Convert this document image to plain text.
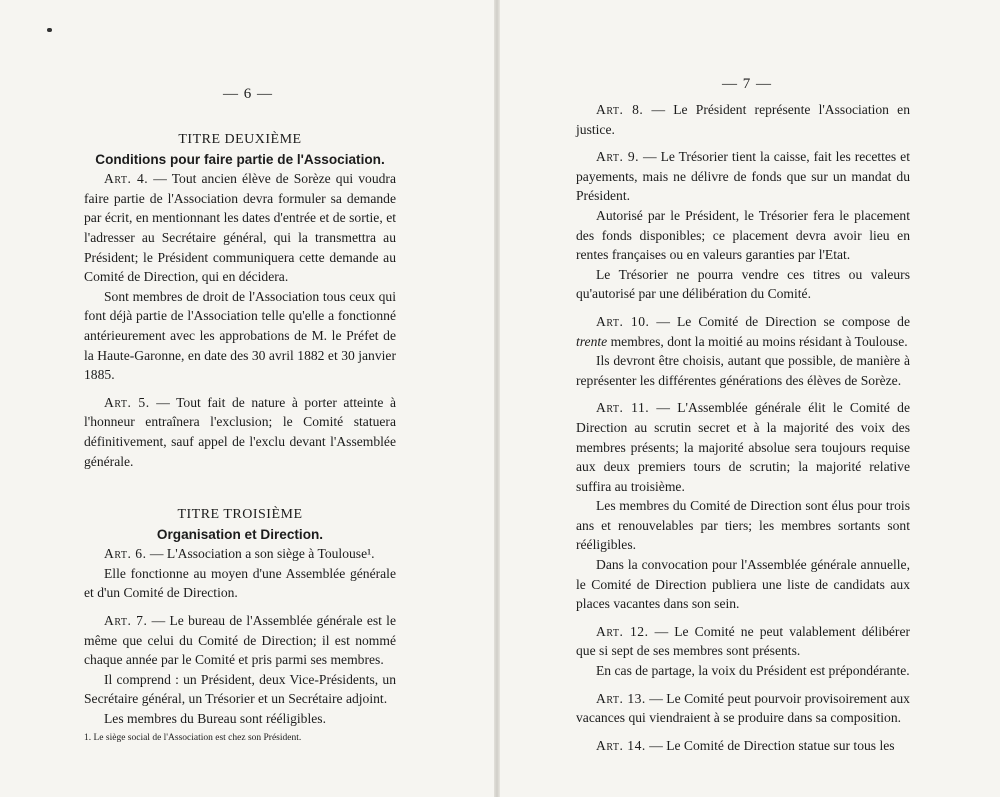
— 6 —

TITRE DEUXIÈME

Conditions pour faire partie de l'Association.

Art. 4. — Tout ancien élève de Sorèze qui voudra faire partie de l'Association devra formuler sa demande par écrit, en mentionnant les dates d'entrée et de sortie, et l'adresser au Secrétaire général, qui la transmettra au Président; le Président communiquera cette demande au Comité de Direction, qui en décidera.

Sont membres de droit de l'Association tous ceux qui font déjà partie de l'Association telle qu'elle a fonctionné antérieurement avec les approbations de M. le Préfet de la Haute-Garonne, en date des 30 avril 1882 et 30 janvier 1885.

Art. 5. — Tout fait de nature à porter atteinte à l'honneur entraînera l'exclusion; le Comité statuera définitivement, sauf appel de l'exclu devant l'Assemblée générale.

TITRE TROISIÈME

Organisation et Direction.

Art. 6. — L'Association a son siège à Toulouse¹.

Elle fonctionne au moyen d'une Assemblée générale et d'un Comité de Direction.

Art. 7. — Le bureau de l'Assemblée générale est le même que celui du Comité de Direction; il est nommé chaque année par le Comité et pris parmi ses membres.

Il comprend : un Président, deux Vice-Présidents, un Secrétaire général, un Trésorier et un Secrétaire adjoint.

Les membres du Bureau sont rééligibles.

1. Le siège social de l'Association est chez son Président.

— 7 —

Art. 8. — Le Président représente l'Association en justice.

Art. 9. — Le Trésorier tient la caisse, fait les recettes et payements, mais ne délivre de fonds que sur un mandat du Président.

Autorisé par le Président, le Trésorier fera le placement des fonds disponibles; ce placement devra avoir lieu en rentes françaises ou en valeurs garanties par l'Etat.

Le Trésorier ne pourra vendre ces titres ou valeurs qu'autorisé par une délibération du Comité.

Art. 10. — Le Comité de Direction se compose de trente membres, dont la moitié au moins résidant à Toulouse.

Ils devront être choisis, autant que possible, de manière à représenter les différentes générations des élèves de Sorèze.

Art. 11. — L'Assemblée générale élit le Comité de Direction au scrutin secret et à la majorité des voix des membres présents; la majorité absolue sera toujours requise aux deux premiers tours de scrutin; la majorité relative suffira au troisième.

Les membres du Comité de Direction sont élus pour trois ans et renouvelables par tiers; les membres sortants sont rééligibles.

Dans la convocation pour l'Assemblée générale annuelle, le Comité de Direction publiera une liste de candidats aux places vacantes dans son sein.

Art. 12. — Le Comité ne peut valablement délibérer que si sept de ses membres sont présents.

En cas de partage, la voix du Président est prépondérante.

Art. 13. — Le Comité peut pourvoir provisoirement aux vacances qui viendraient à se produire dans sa composition.

Art. 14. — Le Comité de Direction statue sur tous les
